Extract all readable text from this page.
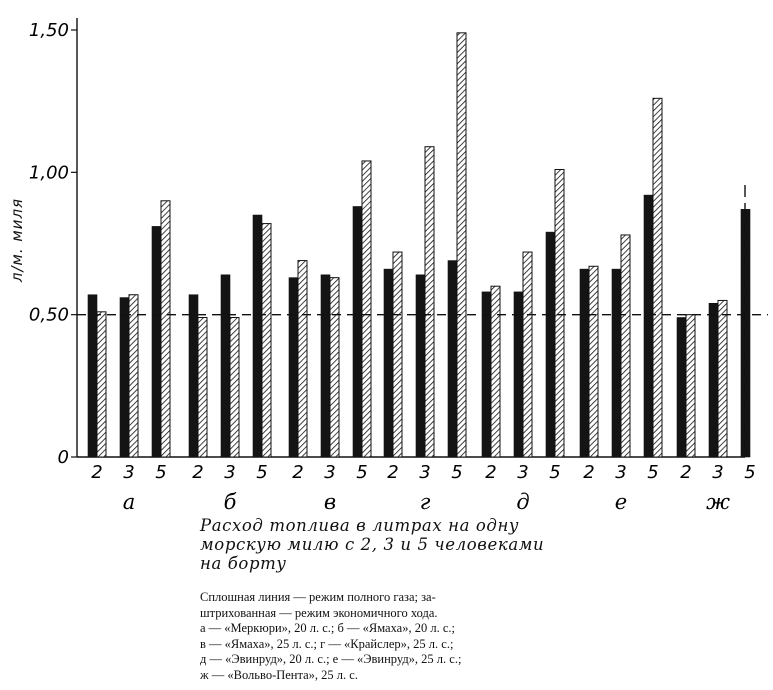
0
0,50
1,00
1,50
2 3 5
а
2 3 5
б
2 3 5
в
2 3 5
г
2 3 5
д
2 3 5
е
2 3 5
ж
л/м. миля
Расход топлива в литрах на одну
морскую милю с 2, 3 и 5 человеками
на борту
Сплошная линия — режим полного газа; за-
штрихованная — режим экономичного хода.
а — «Меркюри», 20 л. с.; б — «Ямаха», 20 л. с.;
в — «Ямаха», 25 л. с.; г — «Крайслер», 25 л. с.;
д — «Эвинруд», 20 л. с.; е — «Эвинруд», 25 л. с.;
ж — «Вольво-Пента», 25 л. с.
